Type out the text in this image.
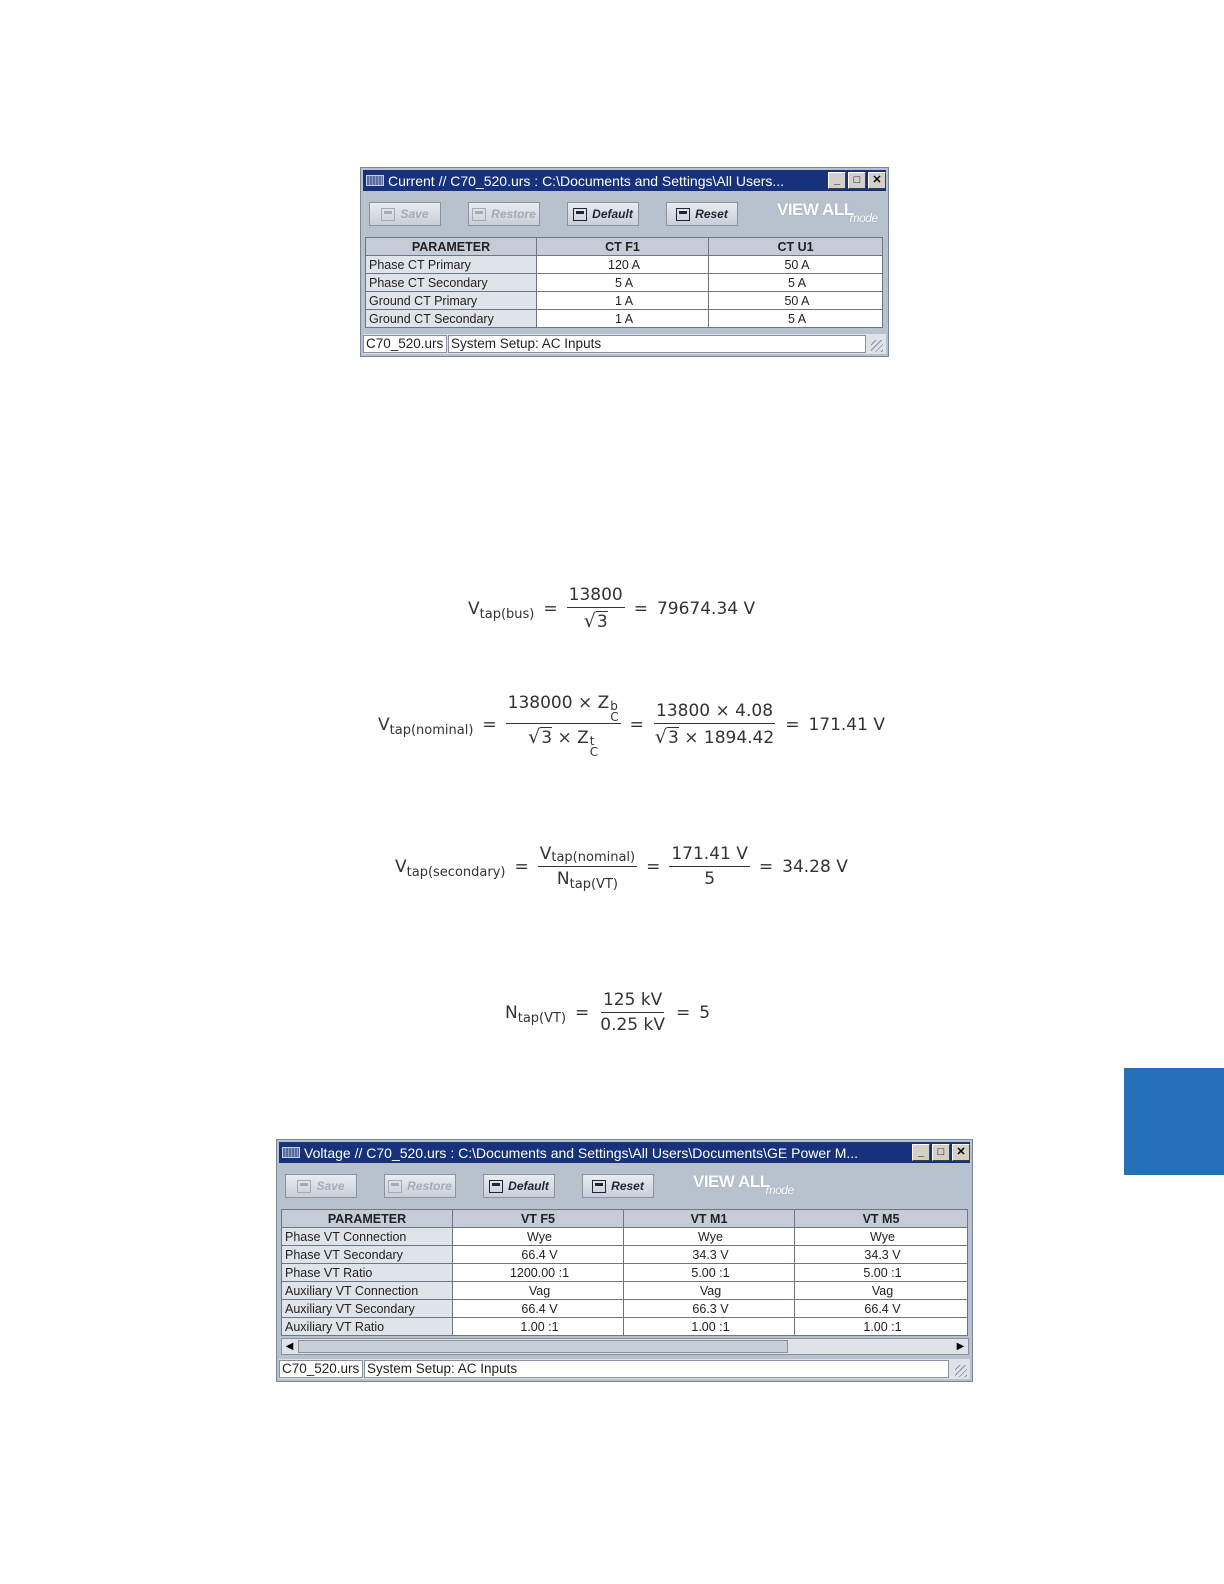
Current // C70_520.urs : C:\Documents and Settings\All Users...	_	□	✕
Save	Restore	Default	Reset	VIEW $ALL_{mode}$
PARAMETER	CT F1	CT U1
Phase CT Primary	120 A	50 A
Phase CT Secondary	5 A	5 A
Ground CT Primary	1 A	50 A
Ground CT Secondary	1 A	5 A
C70_520.urs System Setup: AC Inputs
V $tap(bus) = \frac{13800}{√ 3} = 79674.34$ V
V tap(nominal) = 138000 × Z b
C
√ 3 × Z t
$C = \frac{13800 \times 4.08}{√ 3 \times 1894.42} = 171.41$ V
V tap(secondary) = $\frac{\text{Vtap(nominal)}}{N_{tap(VT)}} = \frac{171.41 V}{5} = 34.28$ V
N $tap(VT) = \frac{125 kV}{0.25 kV} = 5$
Voltage // C70_520.urs : C:\Documents and Settings\All Users\Documents\GE Power M...	_	□	✕
Save	Restore	Default	Reset	VIEW $ALL_{mode}$
PARAMETER	VT F5	VT M1	VT M5
Phase VT Connection	Wye	Wye	Wye
Phase VT Secondary	66.4 V	34.3 V	34.3 V
Phase VT Ratio	1200.00 :1	5.00 :1	5.00 :1
Auxiliary VT Connection	Vag	Vag	Vag
Auxiliary VT Secondary	66.4 V	66.3 V	66.4 V
Auxiliary VT Ratio	1.00 :1	1.00 :1	1.00 :1
◀	▶
C70_520.urs System Setup: AC Inputs
